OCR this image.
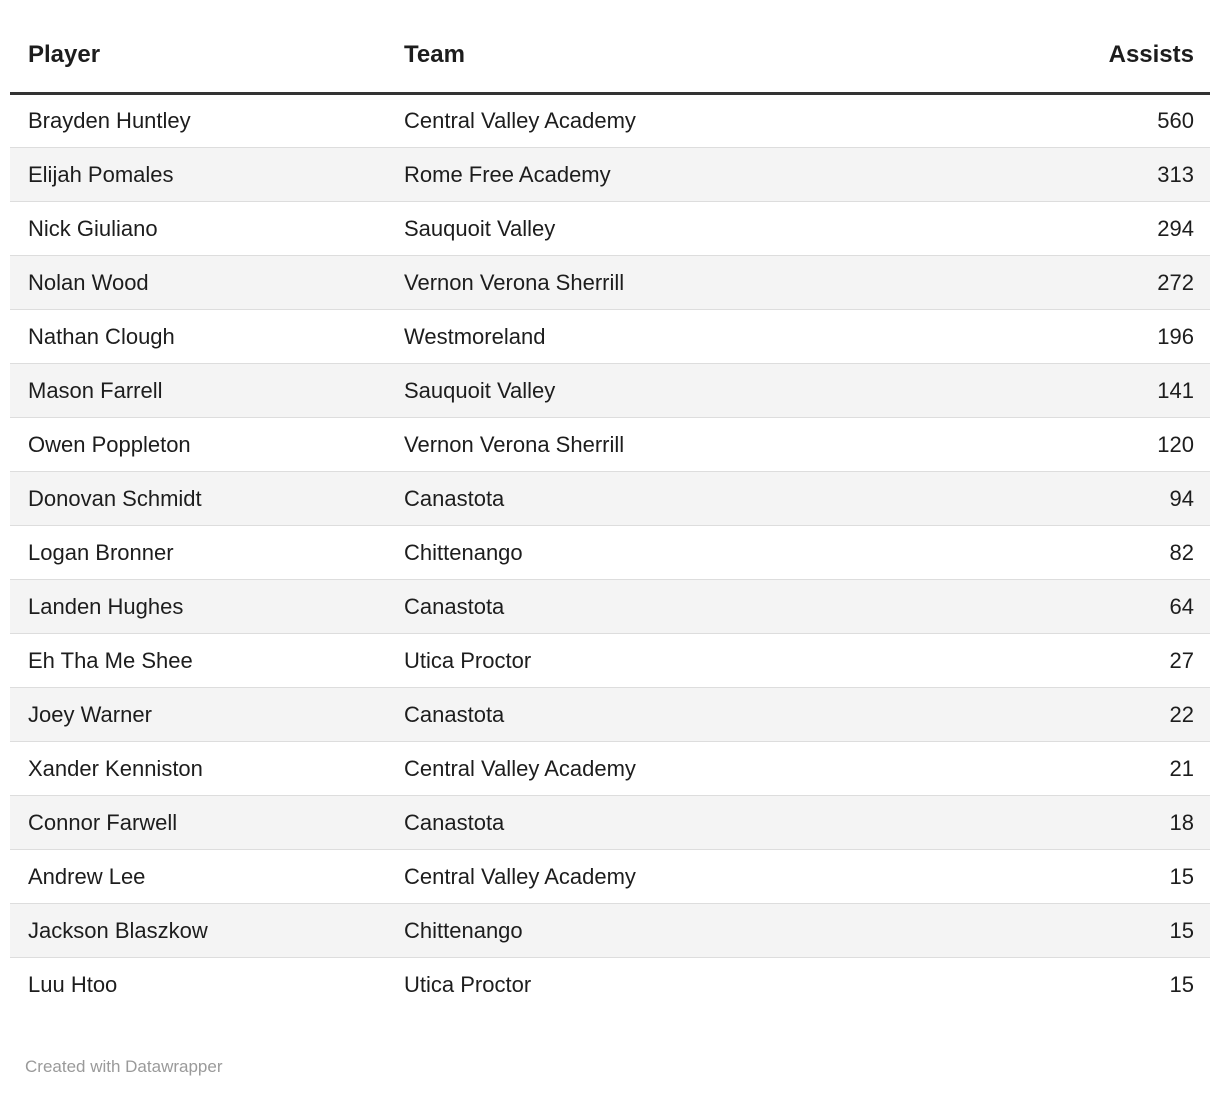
Player	Team	Assists
Brayden Huntley	Central Valley Academy	560
Elijah Pomales	Rome Free Academy	313
Nick Giuliano	Sauquoit Valley	294
Nolan Wood	Vernon Verona Sherrill	272
Nathan Clough	Westmoreland	196
Mason Farrell	Sauquoit Valley	141
Owen Poppleton	Vernon Verona Sherrill	120
Donovan Schmidt	Canastota	94
Logan Bronner	Chittenango	82
Landen Hughes	Canastota	64
Eh Tha Me Shee	Utica Proctor	27
Joey Warner	Canastota	22
Xander Kenniston	Central Valley Academy	21
Connor Farwell	Canastota	18
Andrew Lee	Central Valley Academy	15
Jackson Blaszkow	Chittenango	15
Luu Htoo	Utica Proctor	15
Created with Datawrapper
